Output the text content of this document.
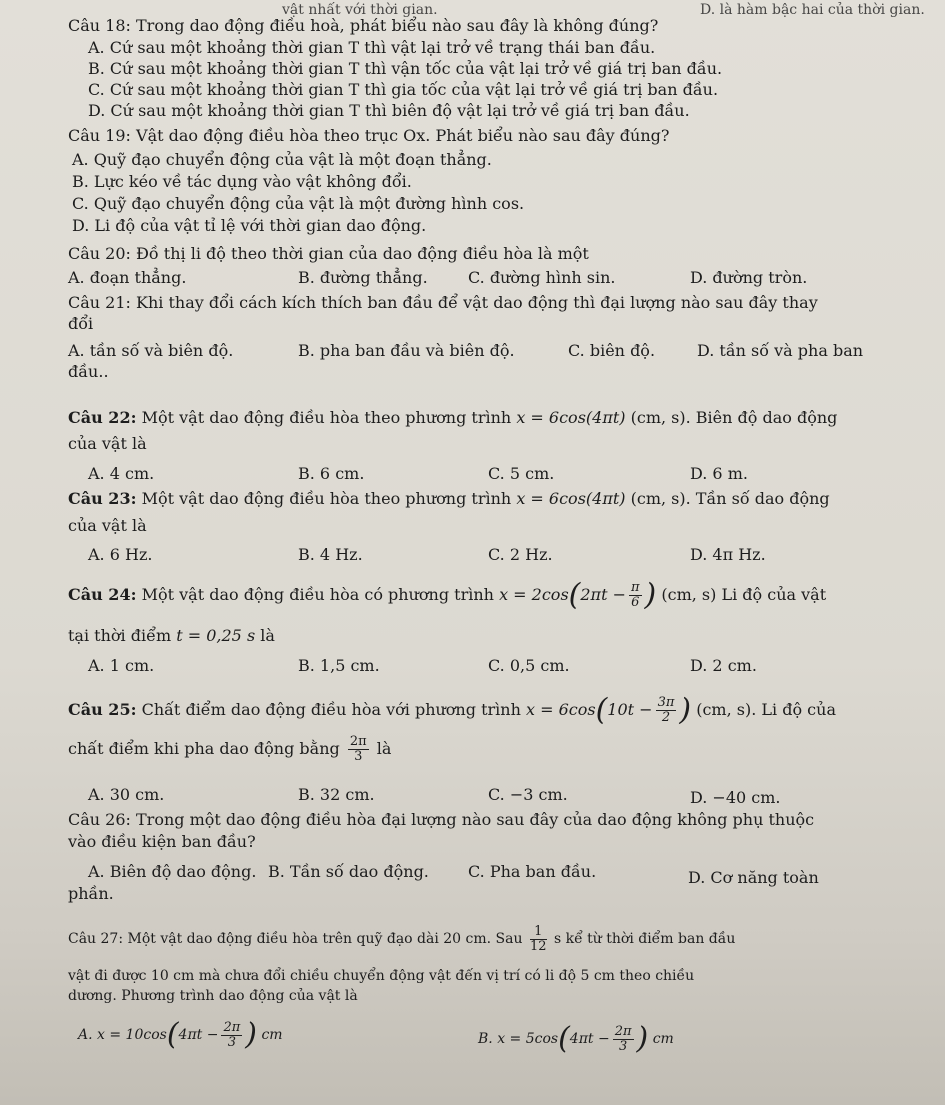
vật nhất với thời gian.	D. là hàm bậc hai của thời gian.
Câu 18: Trong dao động điều hoà, phát biểu nào sau đây là không đúng?
A. Cứ sau một khoảng thời gian T thì vật lại trở về trạng thái ban đầu.
B. Cứ sau một khoảng thời gian T thì vận tốc của vật lại trở về giá trị ban đầu.
C. Cứ sau một khoảng thời gian T thì gia tốc của vật lại trở về giá trị ban đầu.
D. Cứ sau một khoảng thời gian T thì biên độ vật lại trở về giá trị ban đầu.
Câu 19: Vật dao động điều hòa theo trục Ox. Phát biểu nào sau đây đúng?
A. Quỹ đạo chuyển động của vật là một đoạn thẳng.
B. Lực kéo về tác dụng vào vật không đổi.
C. Quỹ đạo chuyển động của vật là một đường hình cos.
D. Li độ của vật tỉ lệ với thời gian dao động.
Câu 20: Đồ thị li độ theo thời gian của dao động điều hòa là một
A. đoạn thẳng.	B. đường thẳng.	C. đường hình sin.	D. đường tròn.
Câu 21: Khi thay đổi cách kích thích ban đầu để vật dao động thì đại lượng nào sau đây thay
đổi
A. tần số và biên độ.	B. pha ban đầu và biên độ.	C. biên độ.	D. tần số và pha ban
đầu..
Câu 22: Một vật dao động điều hòa theo phương trình x = 6cos(4πt) (cm, s). Biên độ dao động
của vật là
A. 4 cm.	B. 6 cm.	C. 5 cm.	D. 6 m.
Câu 23: Một vật dao động điều hòa theo phương trình x = 6cos(4πt) (cm, s). Tần số dao động
của vật là
A. 6 Hz.	B. 4 Hz.	C. 2 Hz.	D. 4π Hz.
Câu 24: Một vật dao động điều hòa có phương trình $x = 2\cos(2\pi t - \frac{\pi}{6}$ ) (cm, s) Li độ của vật
tại thời điểm t = 0,25 s là
A. 1 cm.	B. 1,5 cm.	C. 0,5 cm.	D. 2 cm.
Câu 25: Chất điểm dao động điều hòa với phương trình $x = 6\cos(10t - \frac{3\pi}{2}$ ) (cm, s). Li độ của
chất điểm khi pha dao động bằng $\frac{2\pi}{3}$ là
A. 30 cm.	B. 32 cm.	C. −3 cm.	D. −40 cm.
Câu 26: Trong một dao động điều hòa đại lượng nào sau đây của dao động không phụ thuộc
vào điều kiện ban đầu?
A. Biên độ dao động. B. Tần số dao động. C. Pha ban đầu.	D. Cơ năng toàn
phần.
Câu 27: Một vật dao động điều hòa trên quỹ đạo dài 20 cm. Sau $\frac{1}{12}$ s kể từ thời điểm ban đầu
vật đi được 10 cm mà chưa đổi chiều chuyển động vật đến vị trí có li độ 5 cm theo chiều
dương. Phương trình dao động của vật là
A. $x = 10\cos(4\pi t - \frac{2\pi}{3}$ ) cm	B. $x = 5\cos(4\pi t - \frac{2\pi}{3}$ ) cm
